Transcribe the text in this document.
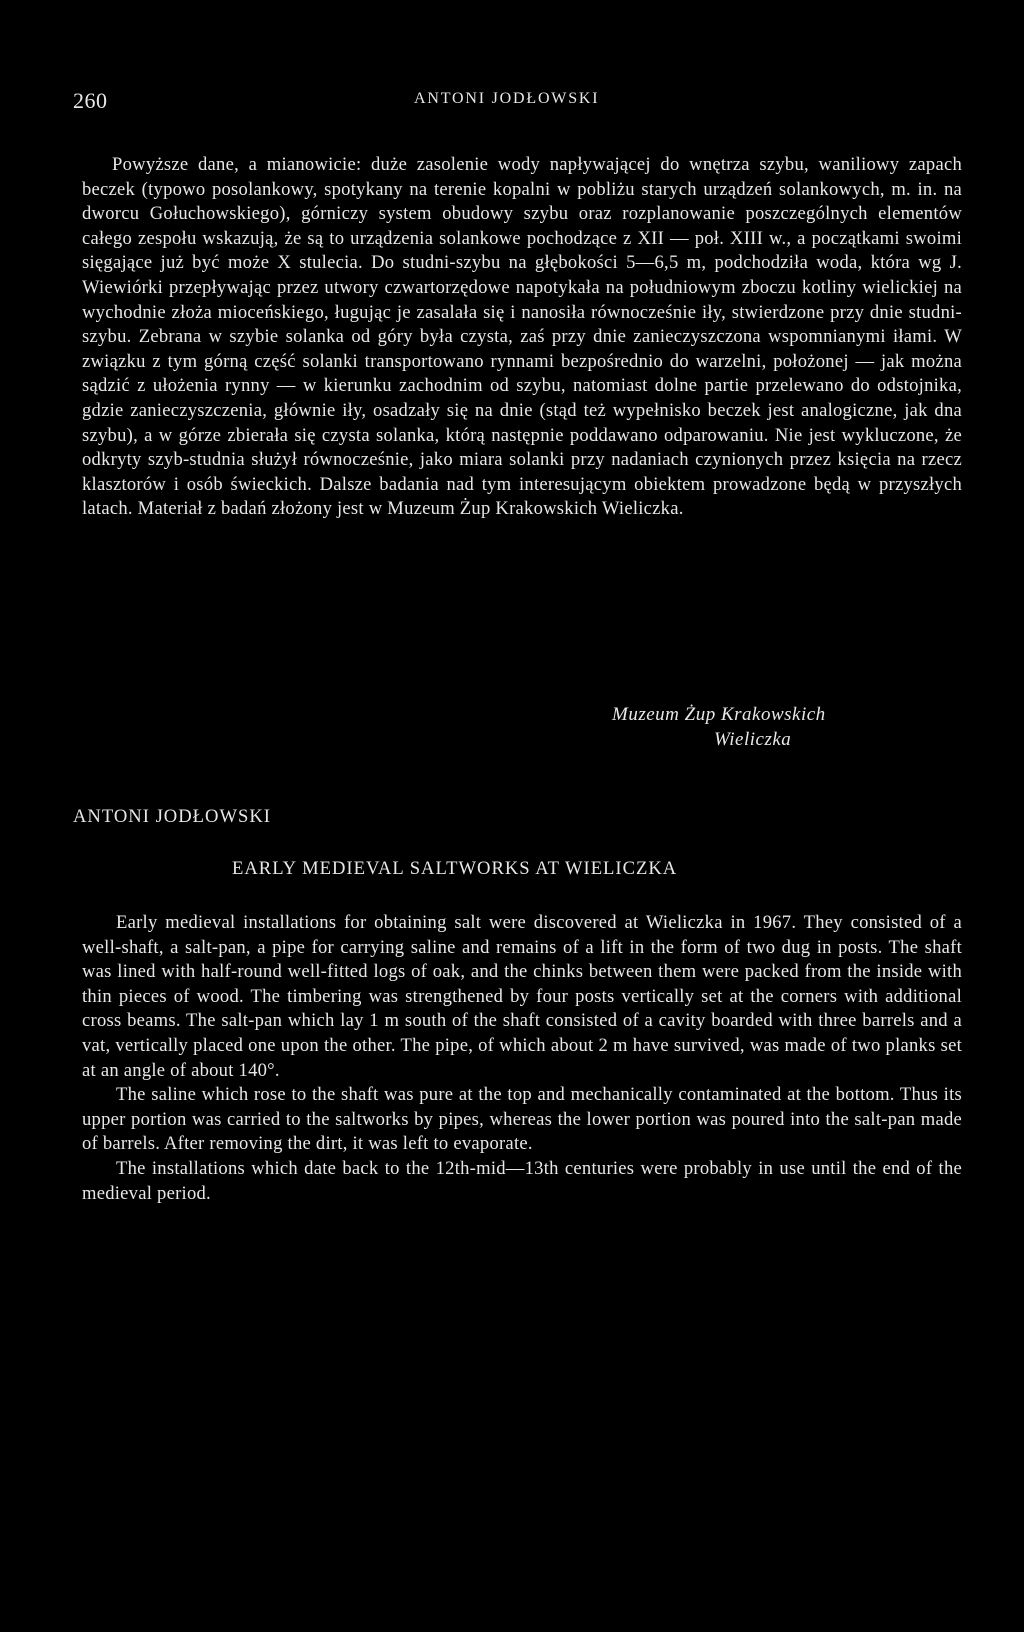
260	ANTONI JODŁOWSKI

Powyższe dane, a mianowicie: duże zasolenie wody napływającej do wnętrza szybu, waniliowy zapach beczek (typowo posolankowy, spotykany na terenie kopalni w pobliżu starych urządzeń solankowych, m. in. na dworcu Gołuchowskiego), górniczy system obudowy szybu oraz rozplanowanie poszczególnych elementów całego zespołu wskazują, że są to urządzenia solankowe pochodzące z XII — poł. XIII w., a początkami swoimi sięgające już być może X stulecia. Do studni-szybu na głębokości 5—6,5 m, podchodziła woda, która wg J. Wiewiórki przepływając przez utwory czwartorzędowe napotykała na południowym zboczu kotliny wielickiej na wychodnie złoża mioceńskiego, ługując je zasalała się i nanosiła równocześnie iły, stwierdzone przy dnie studni-szybu. Zebrana w szybie solanka od góry była czysta, zaś przy dnie zanieczyszczona wspomnianymi iłami. W związku z tym górną część solanki transportowano rynnami bezpośrednio do warzelni, położonej — jak można sądzić z ułożenia rynny — w kierunku zachodnim od szybu, natomiast dolne partie przelewano do odstojnika, gdzie zanieczyszczenia, głównie iły, osadzały się na dnie (stąd też wypełnisko beczek jest analogiczne, jak dna szybu), a w górze zbierała się czysta solanka, którą następnie poddawano odparowaniu. Nie jest wykluczone, że odkryty szyb-studnia służył równocześnie, jako miara solanki przy nadaniach czynionych przez księcia na rzecz klasztorów i osób świeckich. Dalsze badania nad tym interesującym obiektem prowadzone będą w przyszłych latach. Materiał z badań złożony jest w Muzeum Żup Krakowskich Wieliczka.

Muzeum Żup Krakowskich
Wieliczka
ANTONI JODŁOWSKI
EARLY MEDIEVAL SALTWORKS AT WIELICZKA

Early medieval installations for obtaining salt were discovered at Wieliczka in 1967. They consisted of a well-shaft, a salt-pan, a pipe for carrying saline and remains of a lift in the form of two dug in posts. The shaft was lined with half-round well-fitted logs of oak, and the chinks between them were packed from the inside with thin pieces of wood. The timbering was strengthened by four posts vertically set at the corners with additional cross beams. The salt-pan which lay 1 m south of the shaft consisted of a cavity boarded with three barrels and a vat, vertically placed one upon the other. The pipe, of which about 2 m have survived, was made of two planks set at an angle of about 140°.

The saline which rose to the shaft was pure at the top and mechanically contaminated at the bottom. Thus its upper portion was carried to the saltworks by pipes, whereas the lower portion was poured into the salt-pan made of barrels. After removing the dirt, it was left to evaporate.

The installations which date back to the 12th-mid—13th centuries were probably in use until the end of the medieval period.
